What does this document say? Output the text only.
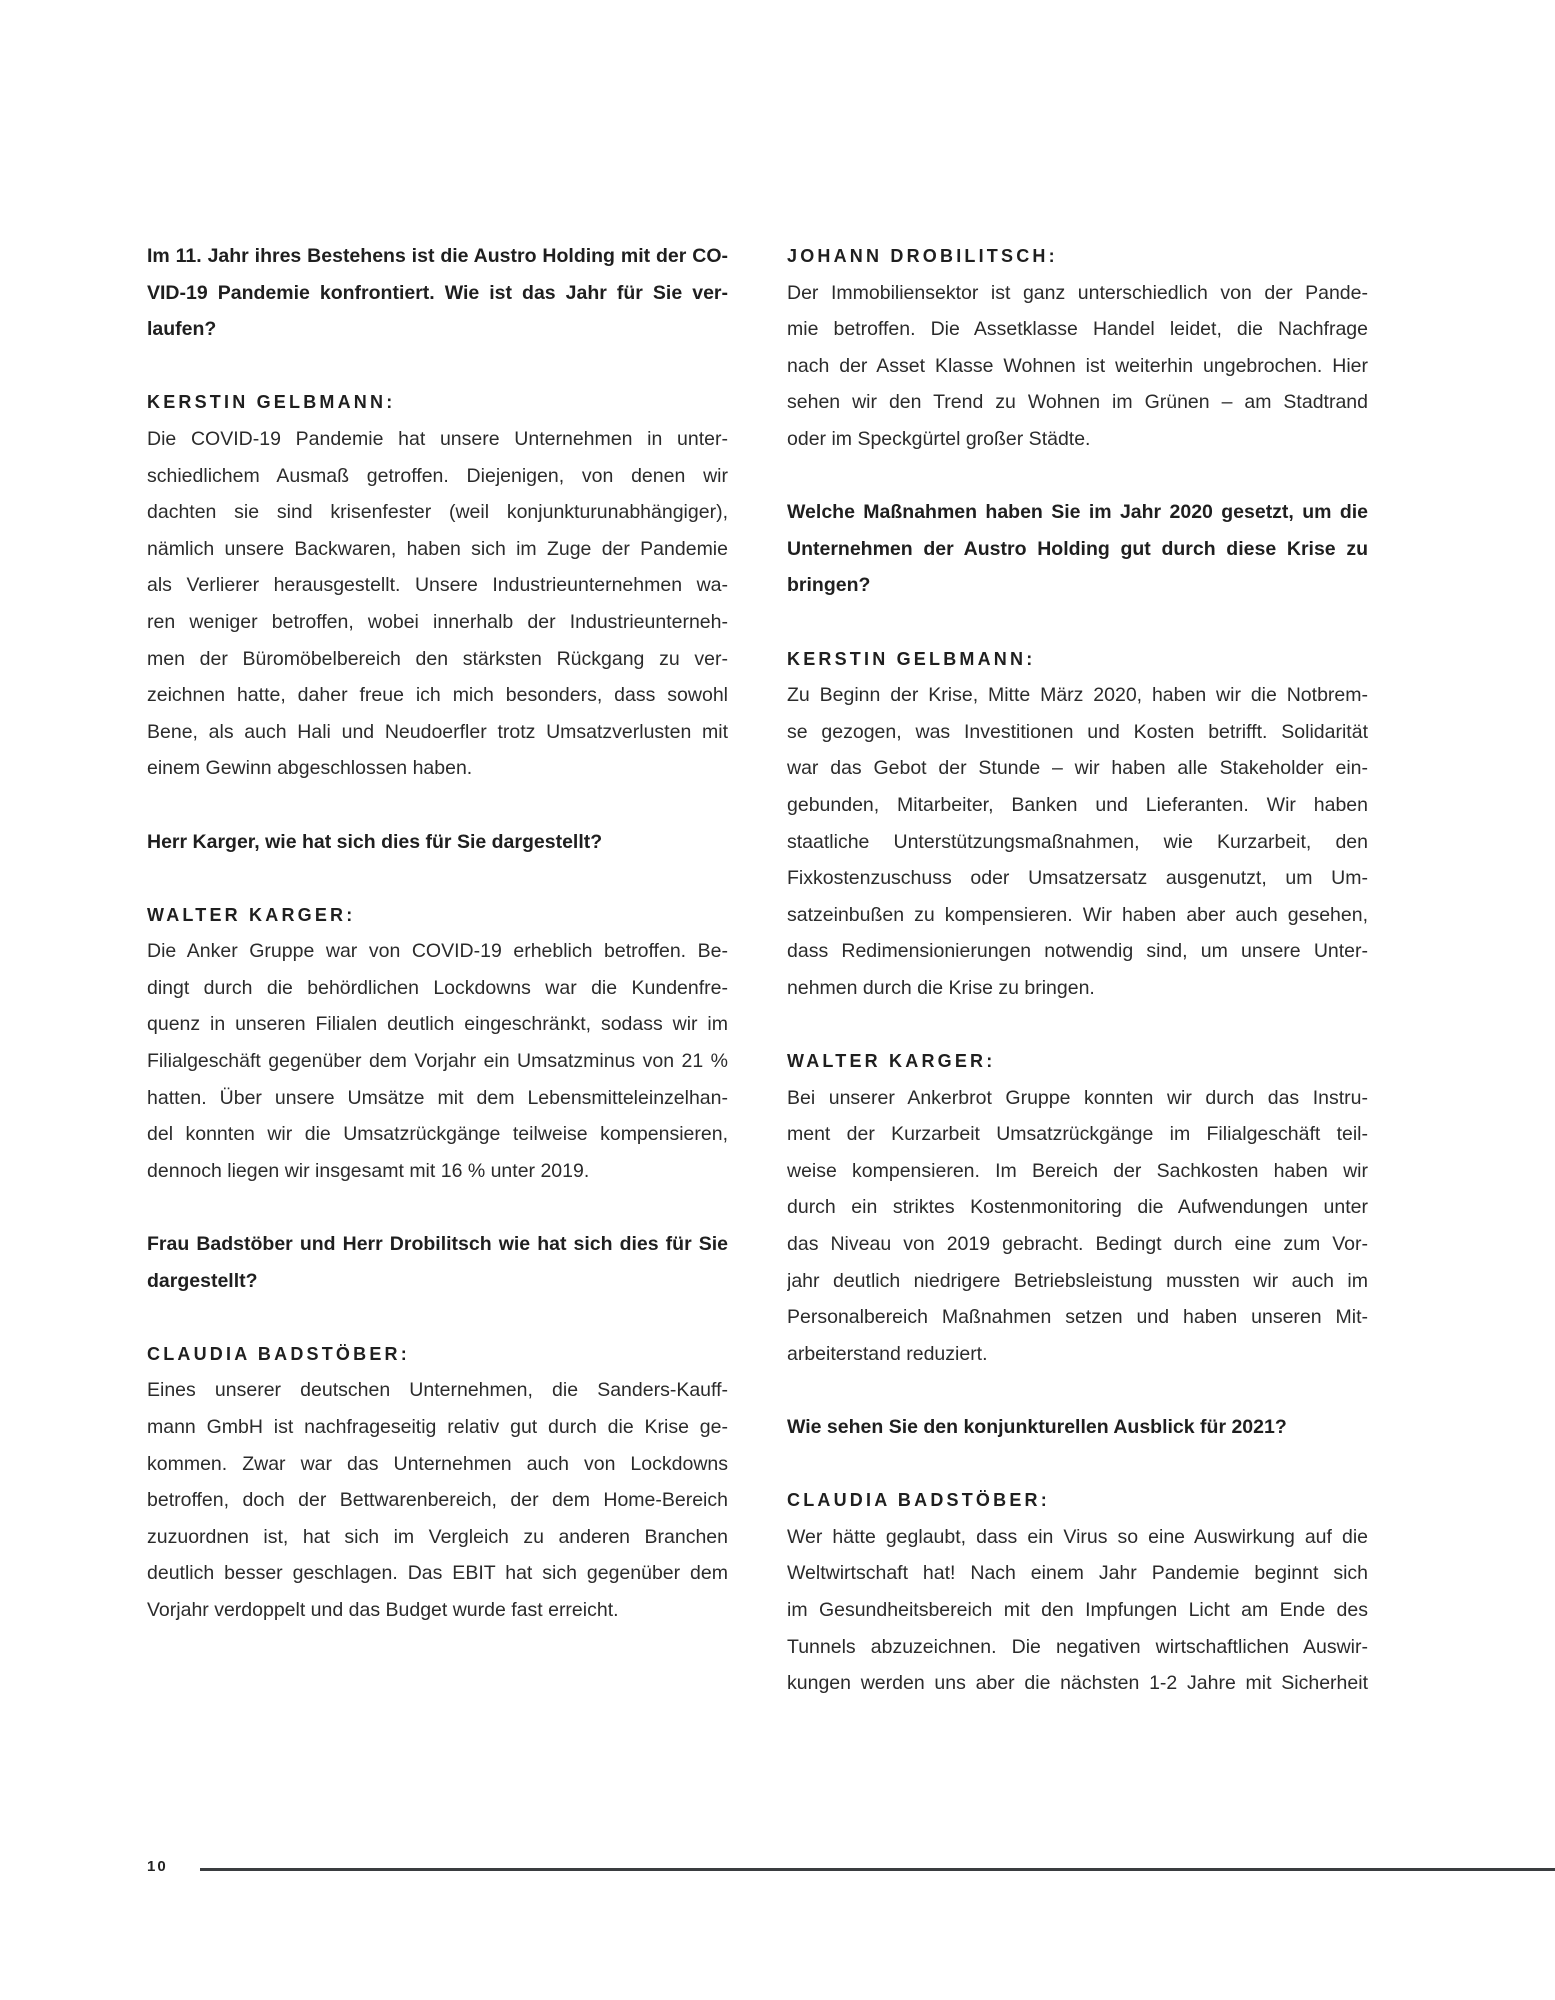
Im 11. Jahr ihres Bestehens ist die Austro Holding mit der CO-
VID-19 Pandemie konfrontiert. Wie ist das Jahr für Sie ver-
laufen?
KERSTIN GELBMANN:
Die COVID-19 Pandemie hat unsere Unternehmen in unter-
schiedlichem Ausmaß getroffen. Diejenigen, von denen wir
dachten sie sind krisenfester (weil konjunkturunabhängiger),
nämlich unsere Backwaren, haben sich im Zuge der Pandemie
als Verlierer herausgestellt. Unsere Industrieunternehmen wa-
ren weniger betroffen, wobei innerhalb der Industrieunterneh-
men der Büromöbelbereich den stärksten Rückgang zu ver-
zeichnen hatte, daher freue ich mich besonders, dass sowohl
Bene, als auch Hali und Neudoerfler trotz Umsatzverlusten mit
einem Gewinn abgeschlossen haben.
Herr Karger, wie hat sich dies für Sie dargestellt?
WALTER KARGER:
Die Anker Gruppe war von COVID-19 erheblich betroffen. Be-
dingt durch die behördlichen Lockdowns war die Kundenfre-
quenz in unseren Filialen deutlich eingeschränkt, sodass wir im
Filialgeschäft gegenüber dem Vorjahr ein Umsatzminus von 21 %
hatten. Über unsere Umsätze mit dem Lebensmitteleinzelhan-
del konnten wir die Umsatzrückgänge teilweise kompensieren,
dennoch liegen wir insgesamt mit 16 % unter 2019.
Frau Badstöber und Herr Drobilitsch wie hat sich dies für Sie
dargestellt?
CLAUDIA BADSTÖBER:
Eines unserer deutschen Unternehmen, die Sanders-Kauff-
mann GmbH ist nachfrageseitig relativ gut durch die Krise ge-
kommen. Zwar war das Unternehmen auch von Lockdowns
betroffen, doch der Bettwarenbereich, der dem Home-Bereich
zuzuordnen ist, hat sich im Vergleich zu anderen Branchen
deutlich besser geschlagen. Das EBIT hat sich gegenüber dem
Vorjahr verdoppelt und das Budget wurde fast erreicht.
JOHANN DROBILITSCH:
Der Immobiliensektor ist ganz unterschiedlich von der Pande-
mie betroffen. Die Assetklasse Handel leidet, die Nachfrage
nach der Asset Klasse Wohnen ist weiterhin ungebrochen. Hier
sehen wir den Trend zu Wohnen im Grünen – am Stadtrand
oder im Speckgürtel großer Städte.
Welche Maßnahmen haben Sie im Jahr 2020 gesetzt, um die
Unternehmen der Austro Holding gut durch diese Krise zu
bringen?
KERSTIN GELBMANN:
Zu Beginn der Krise, Mitte März 2020, haben wir die Notbrem-
se gezogen, was Investitionen und Kosten betrifft. Solidarität
war das Gebot der Stunde – wir haben alle Stakeholder ein-
gebunden, Mitarbeiter, Banken und Lieferanten. Wir haben
staatliche Unterstützungsmaßnahmen, wie Kurzarbeit, den
Fixkostenzuschuss oder Umsatzersatz ausgenutzt, um Um-
satzeinbußen zu kompensieren. Wir haben aber auch gesehen,
dass Redimensionierungen notwendig sind, um unsere Unter-
nehmen durch die Krise zu bringen.
WALTER KARGER:
Bei unserer Ankerbrot Gruppe konnten wir durch das Instru-
ment der Kurzarbeit Umsatzrückgänge im Filialgeschäft teil-
weise kompensieren. Im Bereich der Sachkosten haben wir
durch ein striktes Kostenmonitoring die Aufwendungen unter
das Niveau von 2019 gebracht. Bedingt durch eine zum Vor-
jahr deutlich niedrigere Betriebsleistung mussten wir auch im
Personalbereich Maßnahmen setzen und haben unseren Mit-
arbeiterstand reduziert.
Wie sehen Sie den konjunkturellen Ausblick für 2021?
CLAUDIA BADSTÖBER:
Wer hätte geglaubt, dass ein Virus so eine Auswirkung auf die
Weltwirtschaft hat! Nach einem Jahr Pandemie beginnt sich
im Gesundheitsbereich mit den Impfungen Licht am Ende des
Tunnels abzuzeichnen. Die negativen wirtschaftlichen Auswir-
kungen werden uns aber die nächsten 1-2 Jahre mit Sicherheit
10
